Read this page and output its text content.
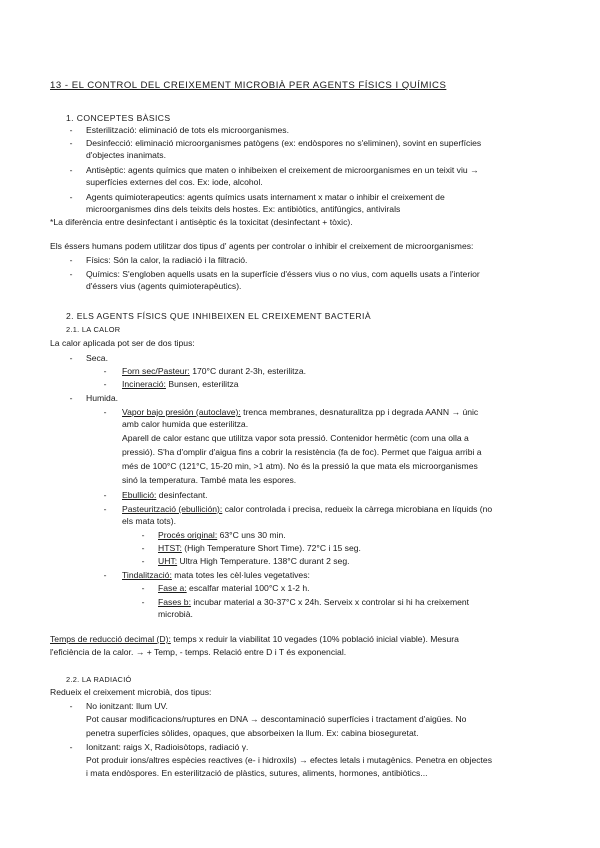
13 - EL CONTROL DEL CREIXEMENT MICROBIÀ PER AGENTS FÍSICS I QUÍMICS
1. CONCEPTES BÀSICS
-	Esterilització: eliminació de tots els microorganismes.
-	Desinfecció: eliminació microorganismes patògens (ex: endòspores no s'eliminen), sovint en superfícies
d'objectes inanimats.
-	Antisèptic: agents químics que maten o inhibeixen el creixement de microorganismes en un teixit viu →
superfícies externes del cos. Ex: iode, alcohol.
-	Agents quimioterapeutics: agents químics usats internament x matar o inhibir el creixement de
microorganismes dins dels teixits dels hostes. Ex: antibiòtics, antifúngics, antivirals
*La diferència entre desinfectant i antisèptic és la toxicitat (desinfectant + tòxic).
Els éssers humans podem utilitzar dos tipus d' agents per controlar o inhibir el creixement de microorganismes:
-	Físics: Són la calor, la radiació i la filtració.
-	Químics: S'engloben aquells usats en la superfície d'éssers vius o no vius, com aquells usats a l'interior
d'éssers vius (agents quimioterapèutics).
2. ELS AGENTS FÍSICS QUE INHIBEIXEN EL CREIXEMENT BACTERIÀ
2.1. LA CALOR
La calor aplicada pot ser de dos tipus:
-	Seca.
-	Forn sec/Pasteur: 170°C durant 2-3h, esterilitza.
-	Incineració: Bunsen, esterilitza
-	Humida.
-	Vapor bajo presión (autoclave): trenca membranes, desnaturalitza pp i degrada AANN → únic
amb calor humida que esterilitza.
Aparell de calor estanc que utilitza vapor sota pressió. Contenidor hermètic (com una olla a
pressió). S'ha d'omplir d'aigua fins a cobrir la resistència (fa de foc). Permet que l'aigua arribi a
més de 100°C (121°C, 15-20 min, >1 atm). No és la pressió la que mata els microorganismes
sinó la temperatura. També mata les espores.
-	Ebullició: desinfectant.
-	Pasteurització (ebullición): calor controlada i precisa, redueix la càrrega microbiana en líquids (no
els mata tots).
-	Procés original: 63°C uns 30 min.
-	HTST: (High Temperature Short Time). 72°C i 15 seg.
-	UHT: Ultra High Temperature. 138°C durant 2 seg.
-	Tindalització: mata totes les cèl·lules vegetatives:
-	Fase a: escalfar material 100°C x 1-2 h.
-	Fases b: incubar material a 30-37°C x 24h. Serveix x controlar si hi ha creixement
microbià.
Temps de reducció decimal (D): temps x reduir la viabilitat 10 vegades (10% població inicial viable). Mesura
l'eficiència de la calor. → + Temp, - temps. Relació entre D i T és exponencial.
2.2. LA RADIACIÓ
Redueix el creixement microbià, dos tipus:
-	No ionitzant: llum UV.
Pot causar modificacions/ruptures en DNA → descontaminació superfícies i tractament d'aigües. No
penetra superfícies sòlides, opaques, que absorbeixen la llum. Ex: cabina bioseguretat.
-	Ionitzant: raigs X, Radioisòtops, radiació γ.
Pot produir ions/altres espècies reactives (e- i hidroxils) → efectes letals i mutagènics. Penetra en objectes
i mata endòspores. En esterilització de plàstics, sutures, aliments, hormones, antibiòtics...
